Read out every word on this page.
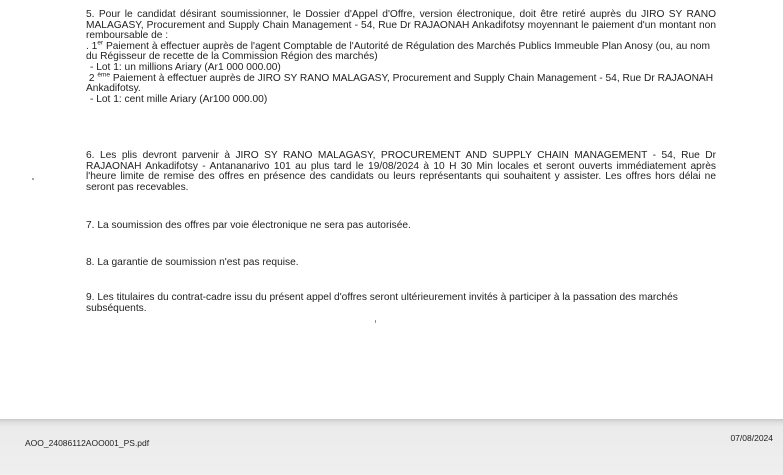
5. Pour le candidat désirant soumissionner, le Dossier d'Appel d'Offre, version électronique, doit être retiré auprès du JIRO SY RANO MALAGASY, Procurement and Supply Chain Management - 54, Rue Dr RAJAONAH Ankadifotsy moyennant le paiement d'un montant non remboursable de :

. 1er Paiement à effectuer auprès de l'agent Comptable de l'Autorité de Régulation des Marchés Publics Immeuble Plan Anosy (ou, au nom du Régisseur de recette de la Commission Région des marchés)

- Lot 1: un millions Ariary (Ar1 000 000.00)

2 $^{ème}$ Paiement à effectuer auprès de JIRO SY RANO MALAGASY, Procurement and Supply Chain Management - 54, Rue Dr RAJAONAH Ankadifotsy.

- Lot 1: cent mille Ariary (Ar100 000.00)

6. Les plis devront parvenir à JIRO SY RANO MALAGASY, PROCUREMENT AND SUPPLY CHAIN MANAGEMENT - 54, Rue Dr RAJAONAH Ankadifotsy - Antananarivo 101 au plus tard le 19/08/2024 à 10 H 30 Min locales et seront ouverts immédiatement après l'heure limite de remise des offres en présence des candidats ou leurs représentants qui souhaitent y assister. Les offres hors délai ne seront pas recevables.

7. La soumission des offres par voie électronique ne sera pas autorisée.

8. La garantie de soumission n'est pas requise.

9. Les titulaires du contrat-cadre issu du présent appel d'offres seront ultérieurement invités à participer à la passation des marchés subséquents.

AOO_24086112AOO001_PS.pdf	07/08/2024
